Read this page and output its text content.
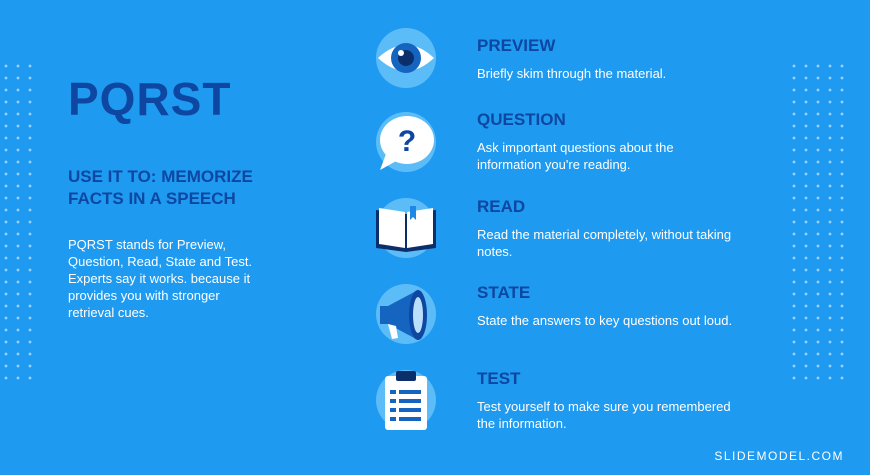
PQRST

USE IT TO: MEMORIZE FACTS IN A SPEECH

PQRST stands for Preview, Question, Read, State and Test. Experts say it works. because it provides you with stronger retrieval cues.

PREVIEW

Briefly skim through the material.

?

QUESTION

Ask important questions about the information you're reading.

READ

Read the material completely, without taking notes.

STATE

State the answers to key questions out loud.

TEST

Test yourself to make sure you remembered the information.

SLIDEMODEL.COM
